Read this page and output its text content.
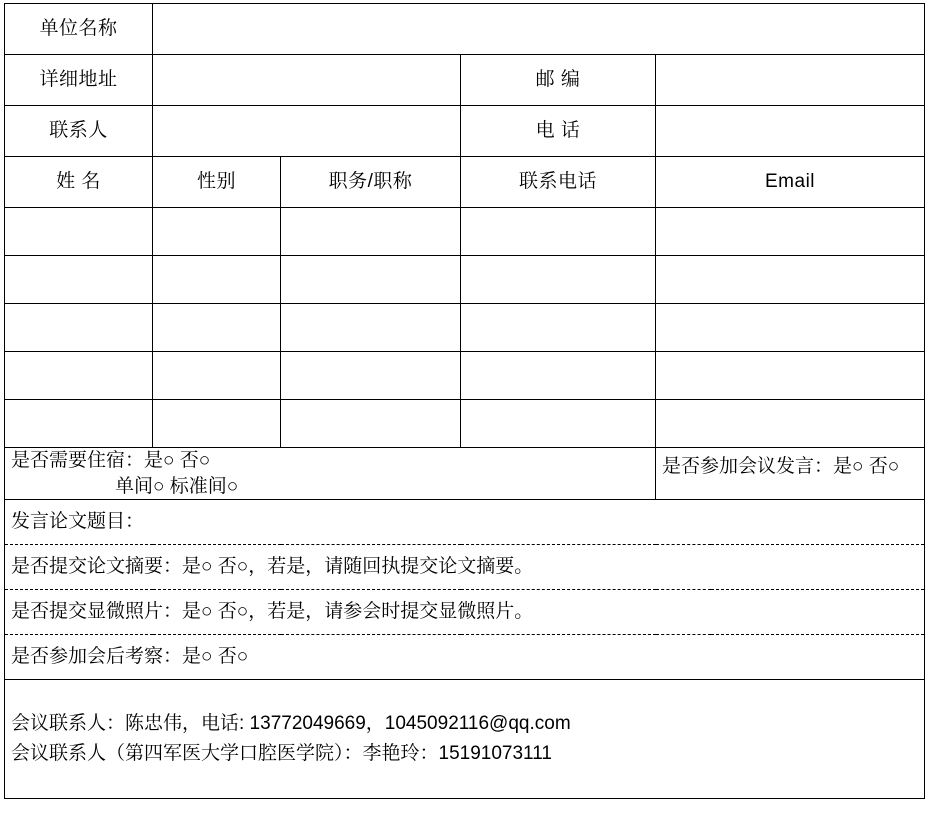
单位名称				
详细地址			邮 编	
联系人			电 话	
姓 名	性别	职务/职称	联系电话	Email

是否需要住宿：是○ 否○
单间○ 标准间○				是否参加会议发言：是○ 否○
发言论文题目：				
是否提交论文摘要：是○ 否○，若是，请随回执提交论文摘要。				
是否提交显微照片：是○ 否○，若是，请参会时提交显微照片。				
是否参加会后考察：是○ 否○				

会议联系人：陈忠伟，电话: 13772049669，1045092116@qq.com
会议联系人（第四军医大学口腔医学院）：李艳玲：15191073111				
